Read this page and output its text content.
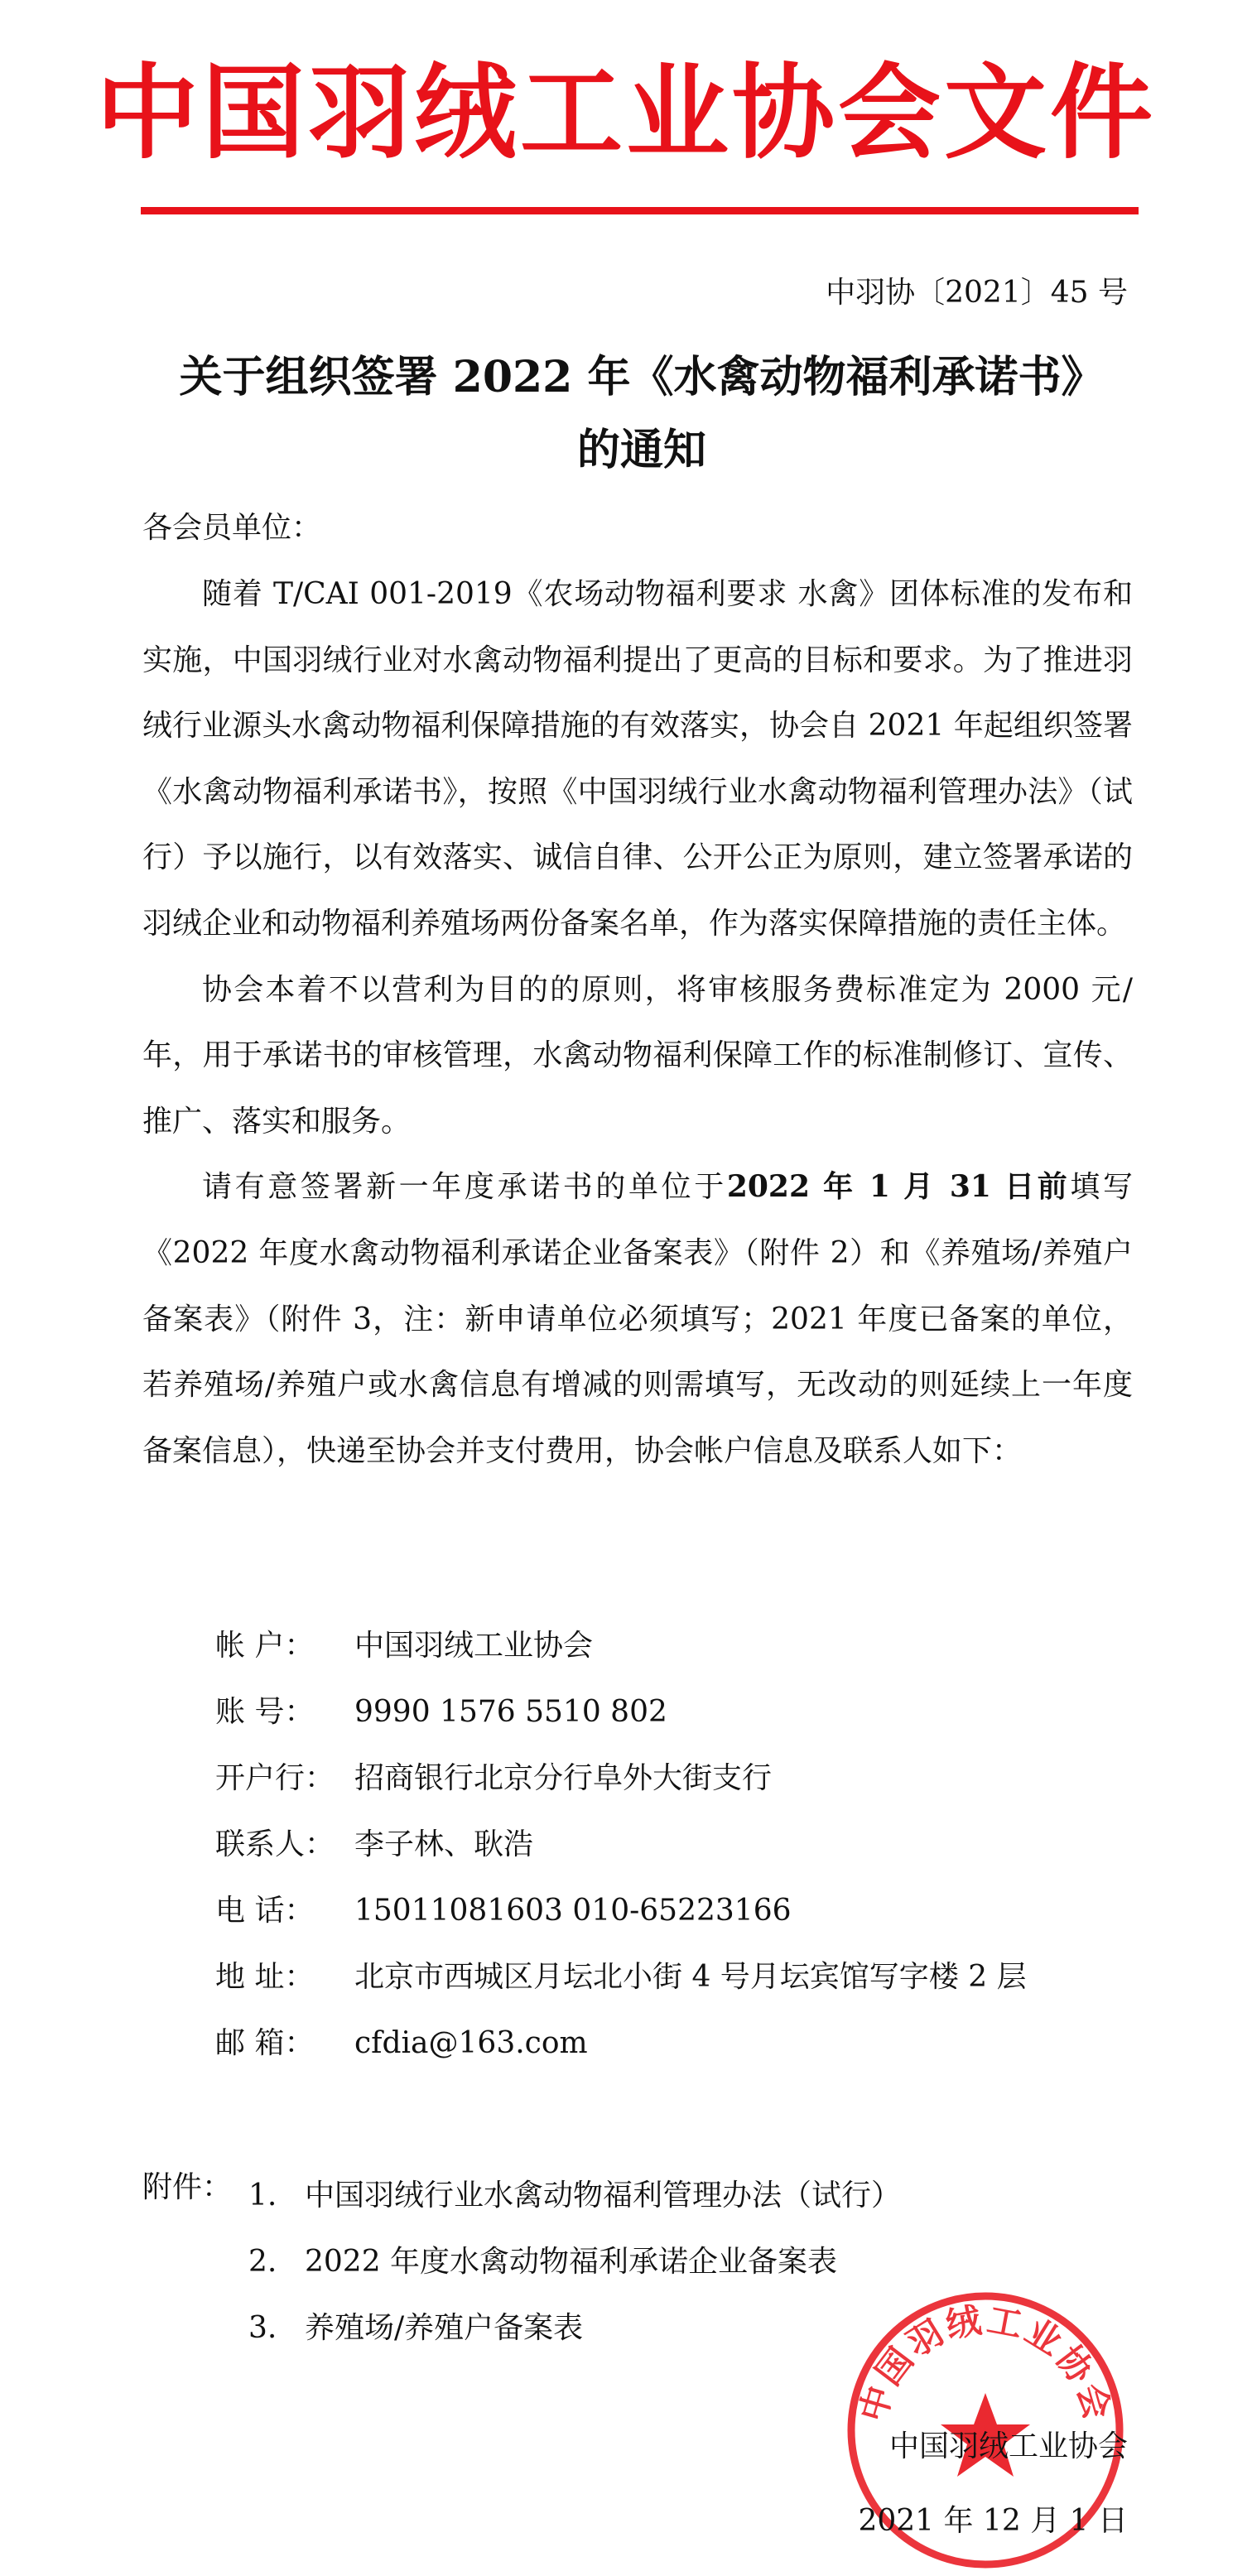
中国羽绒工业协会文件
中羽协〔2021〕45 号
关于组织签署 2022 年《水禽动物福利承诺书》
的通知
各会员单位：

随着 T/CAI 001-2019《农场动物福利要求 水禽》团体标准的发布和实施，中国羽绒行业对水禽动物福利提出了更高的目标和要求。为了推进羽绒行业源头水禽动物福利保障措施的有效落实，协会自 2021 年起组织签署《水禽动物福利承诺书》，按照《中国羽绒行业水禽动物福利管理办法》（试行）予以施行，以有效落实、诚信自律、公开公正为原则，建立签署承诺的羽绒企业和动物福利养殖场两份备案名单，作为落实保障措施的责任主体。

协会本着不以营利为目的的原则，将审核服务费标准定为 2000 元/年，用于承诺书的审核管理，水禽动物福利保障工作的标准制修订、宣传、推广、落实和服务。

请有意签署新一年度承诺书的单位于2022 年 1 月 31 日前填写《2022 年度水禽动物福利承诺企业备案表》（附件 2）和《养殖场/养殖户备案表》（附件 3，注：新申请单位必须填写；2021 年度已备案的单位，若养殖场/养殖户或水禽信息有增减的则需填写，无改动的则延续上一年度备案信息），快递至协会并支付费用，协会帐户信息及联系人如下：

帐 户： 中国羽绒工业协会
账 号： 9990 1576 5510 802
开户行： 招商银行北京分行阜外大街支行
联系人： 李子林、耿浩
电 话： 15011081603 010-65223166
地 址： 北京市西城区月坛北小街 4 号月坛宾馆写字楼 2 层
邮 箱： cfdia@163.com
附件： 1. 中国羽绒行业水禽动物福利管理办法（试行）
2. 2022 年度水禽动物福利承诺企业备案表
3. 养殖场/养殖户备案表
中国羽绒工业协会
中国羽绒工业协会
2021 年 12 月 1 日
